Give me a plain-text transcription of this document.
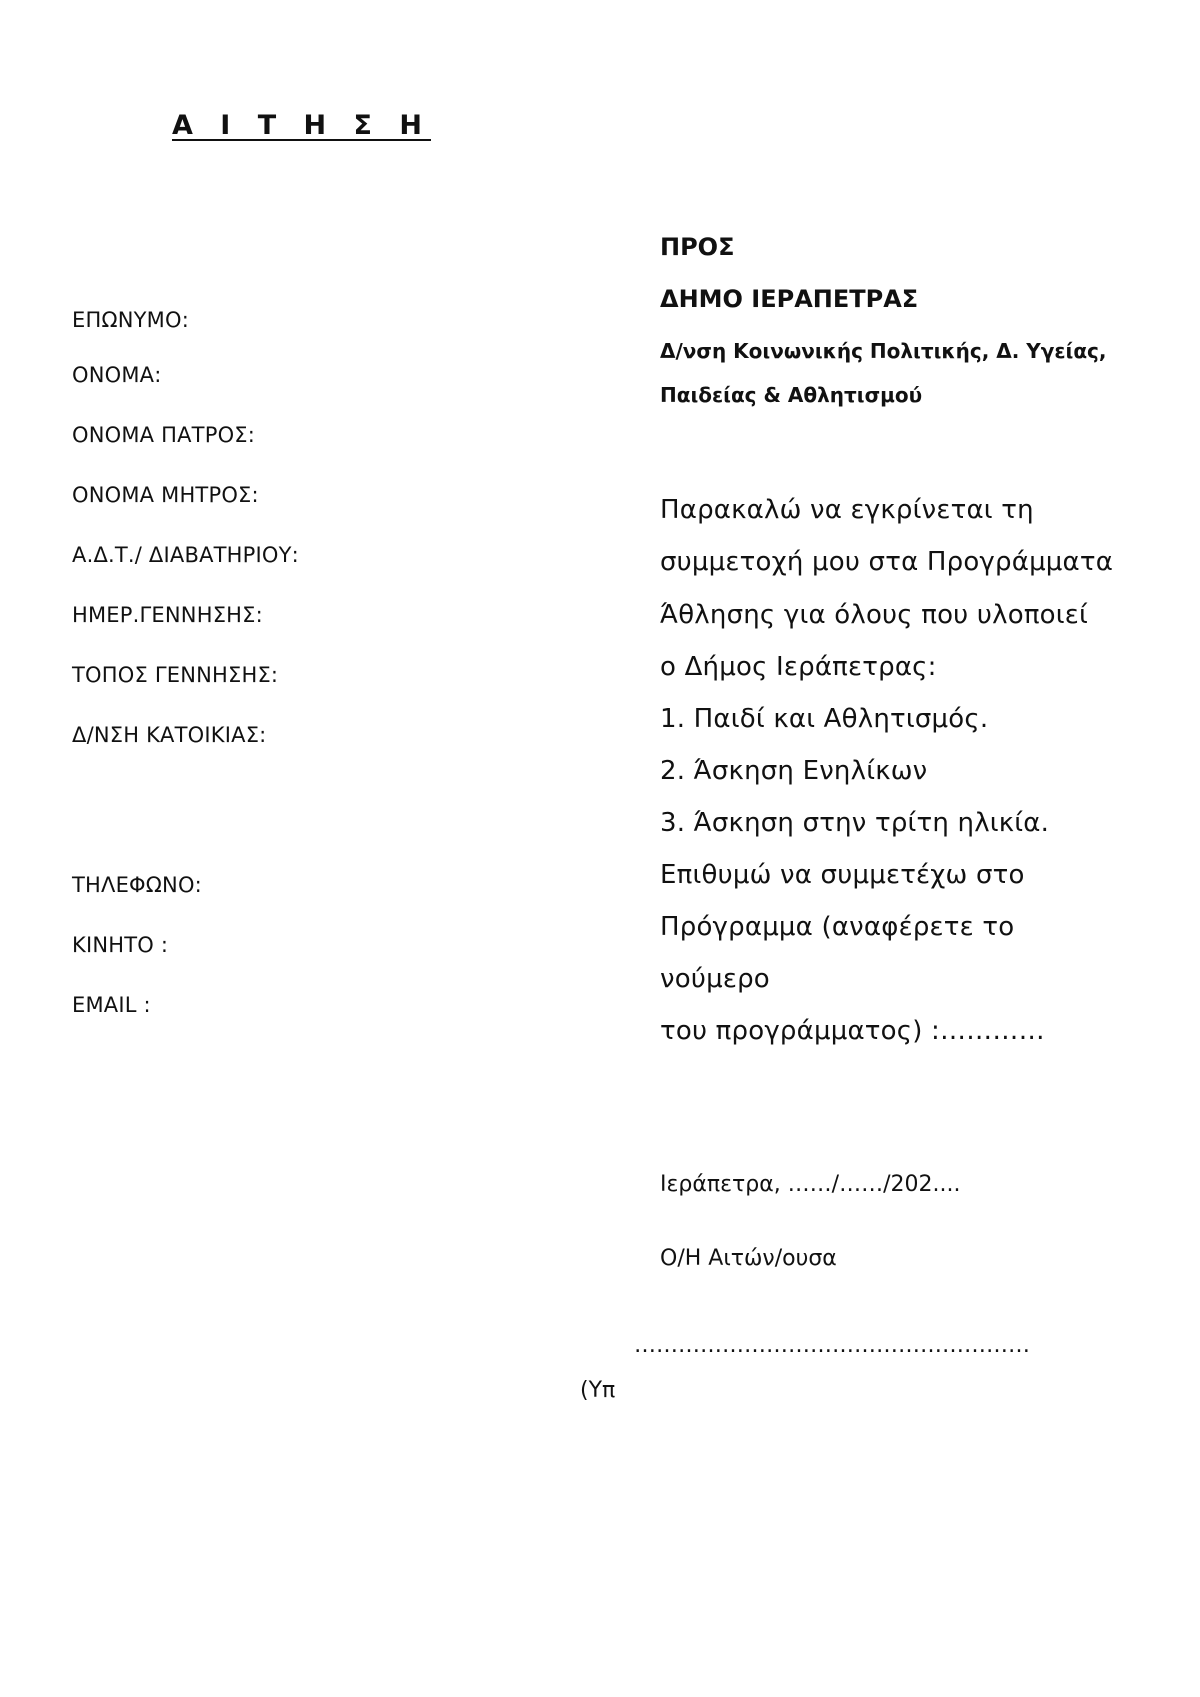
Α Ι Τ Η Σ Η
ΕΠΩΝΥΜΟ:
ΟΝΟΜΑ:
ΟΝΟΜΑ ΠΑΤΡΟΣ:
ΟΝΟΜΑ ΜΗΤΡΟΣ:
Α.Δ.Τ./ ΔΙΑΒΑΤΗΡΙΟΥ:
ΗΜΕΡ.ΓΕΝΝΗΣΗΣ:
ΤΟΠΟΣ ΓΕΝΝΗΣΗΣ:
Δ/ΝΣΗ ΚΑΤΟΙΚΙΑΣ:
ΤΗΛΕΦΩΝΟ:
ΚΙΝΗΤΟ :
EMAIL :
ΠΡΟΣ
ΔΗΜΟ ΙΕΡΑΠΕΤΡΑΣ
Δ/νση Κοινωνικής Πολιτικής, Δ. Υγείας,
Παιδείας & Αθλητισμού
Παρακαλώ να εγκρίνεται τη
συμμετοχή μου στα Προγράμματα
Άθλησης για όλους που υλοποιεί
ο Δήμος Ιεράπετρας:
1. Παιδί και Αθλητισμός.
2. Άσκηση Ενηλίκων
3. Άσκηση στην τρίτη ηλικία.
Επιθυμώ να συμμετέχω στο
Πρόγραμμα (αναφέρετε το
νούμερο
του προγράμματος) :…………
Ιεράπετρα, ……/……/202....
Ο/Η Αιτών/ουσα
………………………………………………
(Υπ
